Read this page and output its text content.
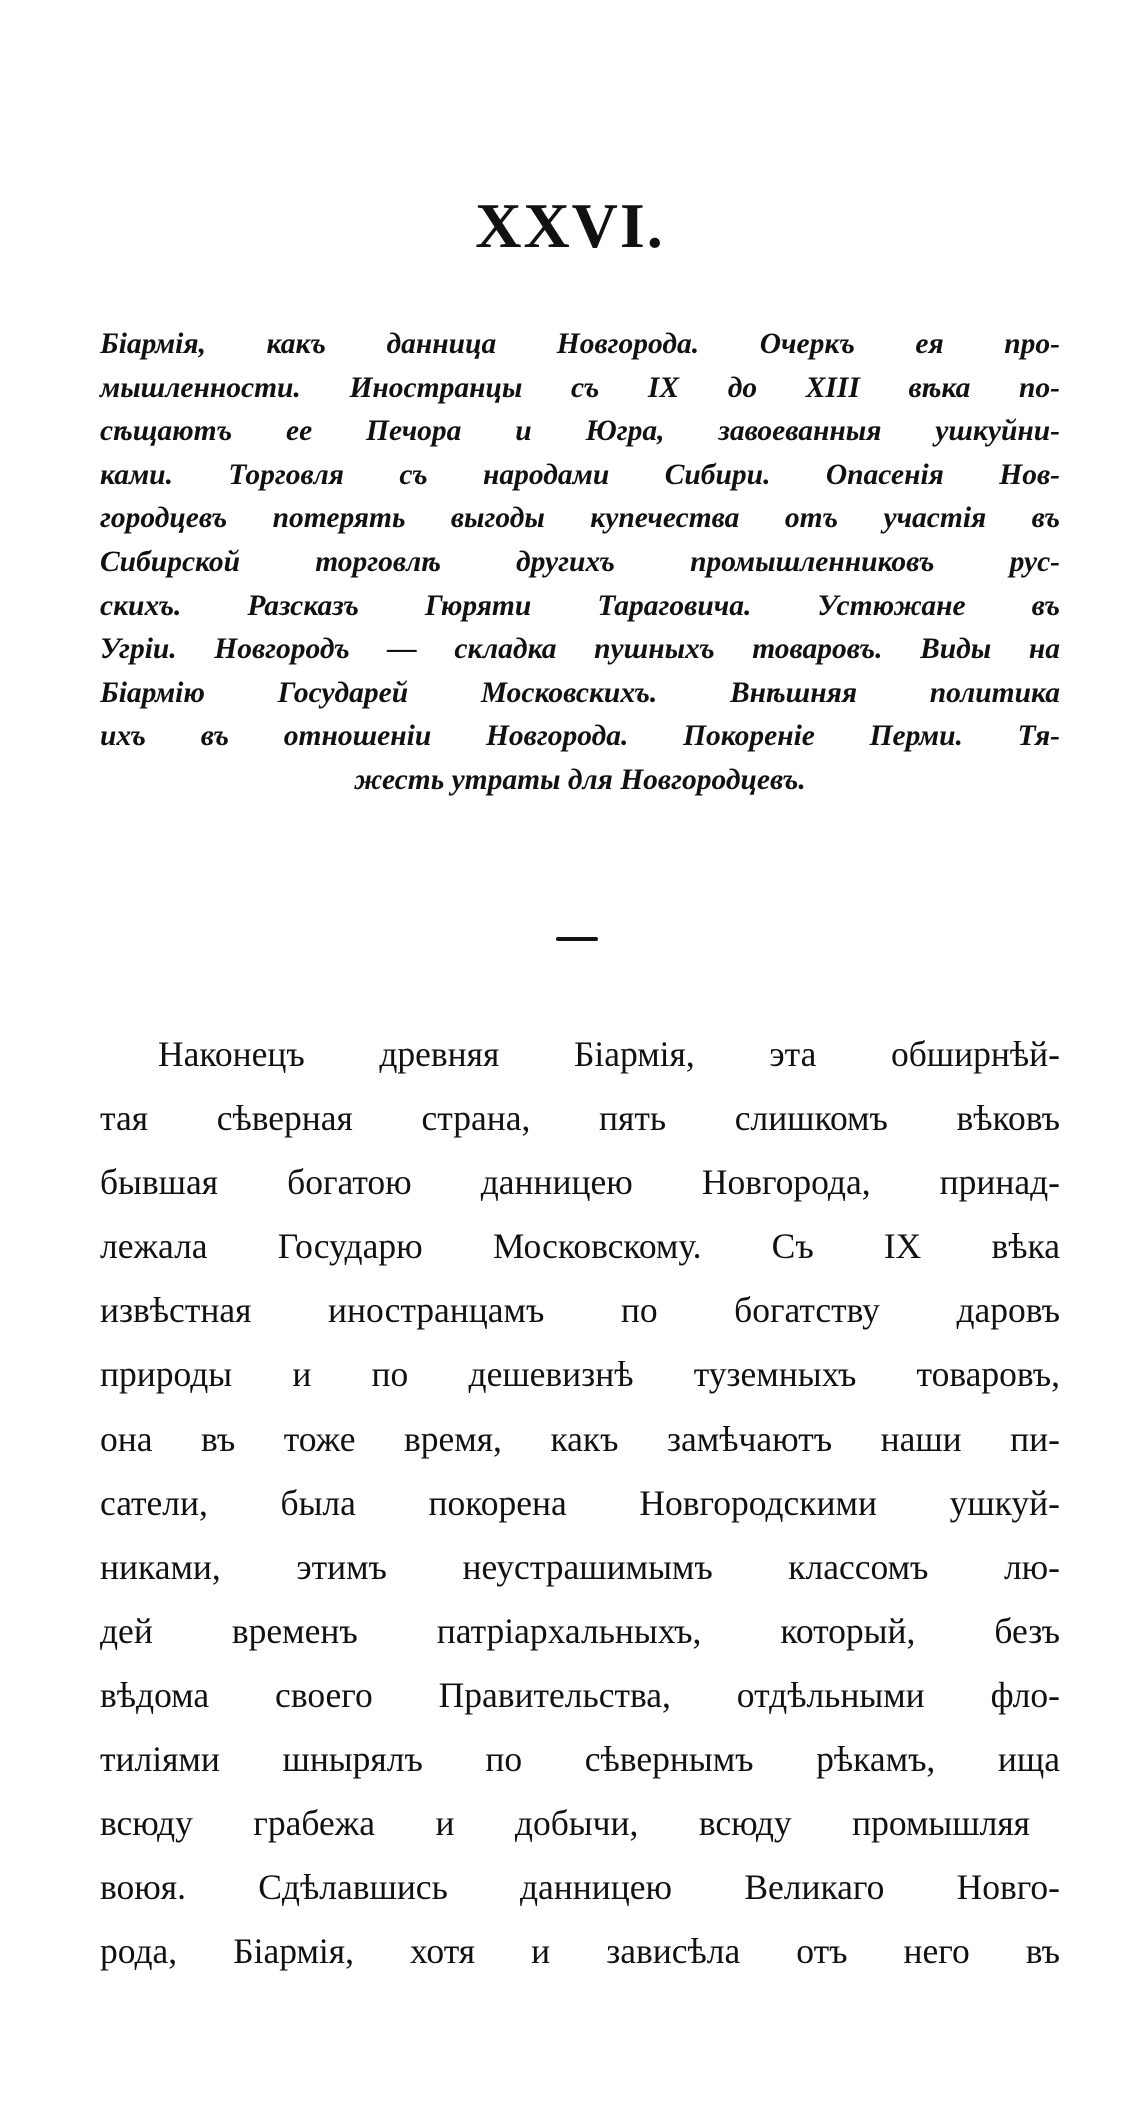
XXVI.
Біармія, какъ данница Новгорода. Очеркъ ея про-
мышленности. Иностранцы съ IX до XIII вѣка по-
сѣщаютъ ее Печора и Югра, завоеванныя ушкуйни-
ками. Торговля съ народами Сибири. Опасенія Нов-
городцевъ потерять выгоды купечества отъ участія въ
Сибирской торговлѣ другихъ промышленниковъ рус-
скихъ. Разсказъ Гюряти Тараговича. Устюжане въ
Угріи. Новгородъ — складка пушныхъ товаровъ. Виды на
Біармію Государей Московскихъ. Внѣшняя политика
ихъ въ отношеніи Новгорода. Покореніе Перми. Тя-
жесть утраты для Новгородцевъ.
Наконецъ древняя Біармія, эта обширнѣй-
тая сѣверная страна, пять слишкомъ вѣковъ
бывшая богатою данницею Новгорода, принад-
лежала Государю Московскому. Съ IX вѣка
извѣстная иностранцамъ по богатству даровъ
природы и по дешевизнѣ туземныхъ товаровъ,
она въ тоже время, какъ замѣчаютъ наши пи-
сатели, была покорена Новгородскими ушкуй-
никами, этимъ неустрашимымъ классомъ лю-
дей временъ патріархальныхъ, который, безъ
вѣдома своего Правительства, отдѣльными фло-
тиліями шнырялъ по сѣвернымъ рѣкамъ, ища
всюду грабежа и добычи, всюду промышляя
воюя. Сдѣлавшись данницею Великаго Новго-
рода, Біармія, хотя и зависѣла отъ него въ
